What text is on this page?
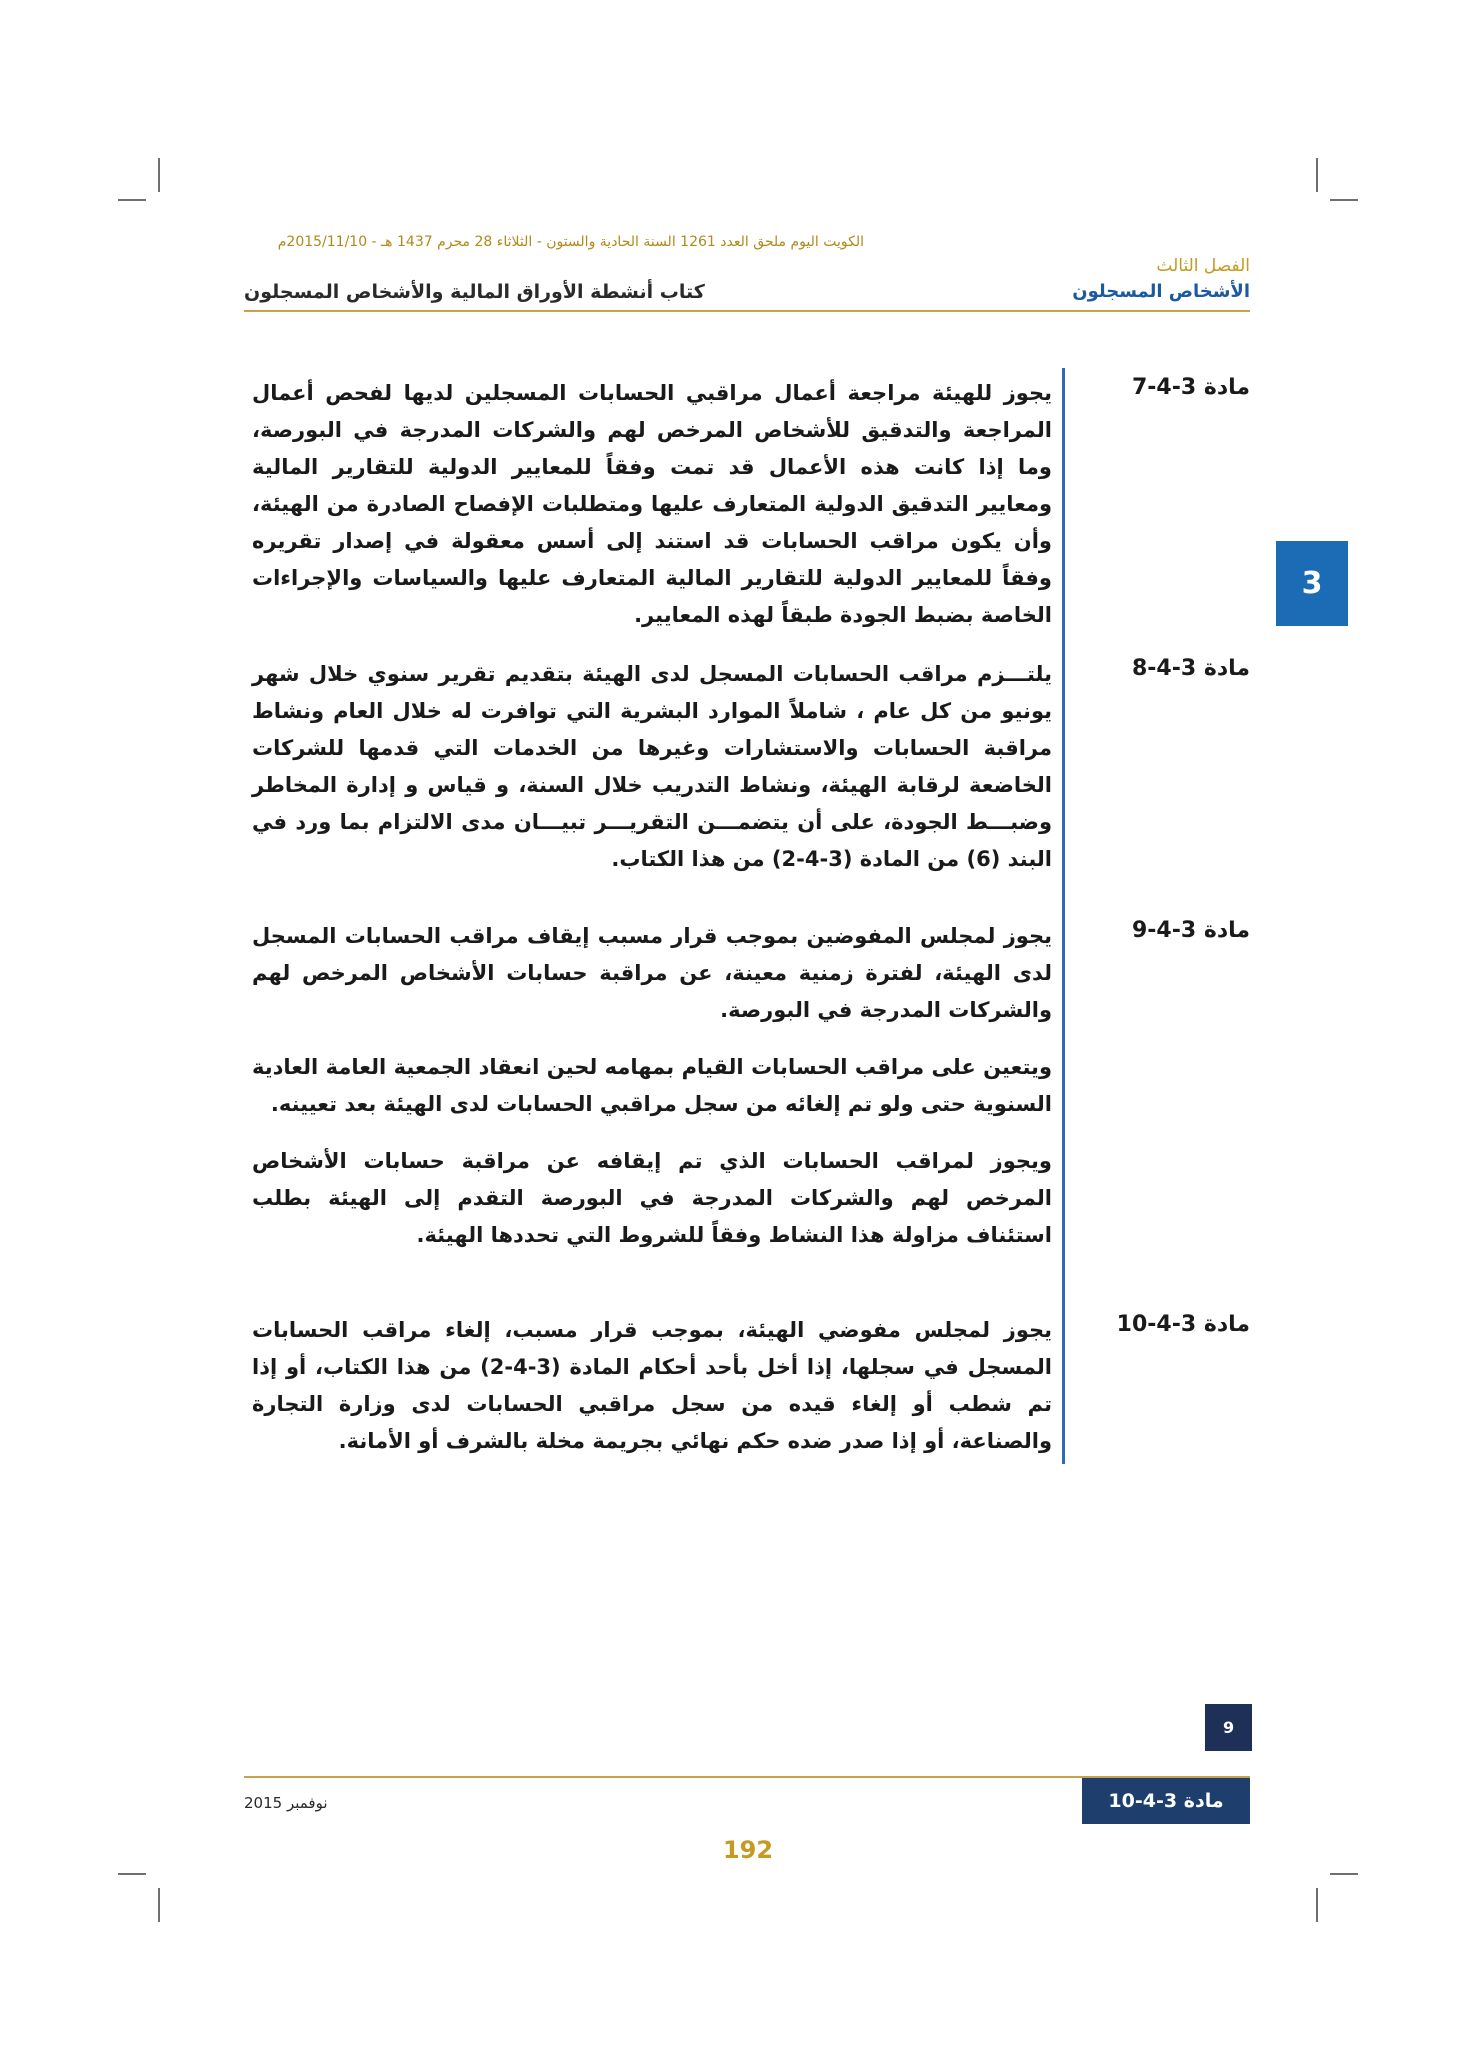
الكويت اليوم ملحق العدد 1261 السنة الحادية والستون - الثلاثاء 28 محرم 1437 هـ - 2015/11/10م
الفصل الثالث
الأشخاص المسجلون
كتاب أنشطة الأوراق المالية والأشخاص المسجلون
3
مادة 3-4-7

يجوز للهيئة مراجعة أعمال مراقبي الحسابات المسجلين لديها لفحص أعمال المراجعة والتدقيق للأشخاص المرخص لهم والشركات المدرجة في البورصة، وما إذا كانت هذه الأعمال قد تمت وفقاً للمعايير الدولية للتقارير المالية ومعايير التدقيق الدولية المتعارف عليها ومتطلبات الإفصاح الصادرة من الهيئة، وأن يكون مراقب الحسابات قد استند إلى أسس معقولة في إصدار تقريره وفقاً للمعايير الدولية للتقارير المالية المتعارف عليها والسياسات والإجراءات الخاصة بضبط الجودة طبقاً لهذه المعايير.

مادة 3-4-8

يلتـــزم مراقب الحسابات المسجل لدى الهيئة بتقديم تقرير سنوي خلال شهر يونيو من كل عام ، شاملاً الموارد البشرية التي توافرت له خلال العام ونشاط مراقبة الحسابات والاستشارات وغيرها من الخدمات التي قدمها للشركات الخاضعة لرقابة الهيئة، ونشاط التدريب خلال السنة، و قياس و إدارة المخاطر وضبـــط الجودة، على أن يتضمـــن التقريـــر تبيـــان مدى الالتزام بما ورد في البند (6) من المادة (3-4-2) من هذا الكتاب.

مادة 3-4-9

يجوز لمجلس المفوضين بموجب قرار مسبب إيقاف مراقب الحسابات المسجل لدى الهيئة، لفترة زمنية معينة، عن مراقبة حسابات الأشخاص المرخص لهم والشركات المدرجة في البورصة.

ويتعين على مراقب الحسابات القيام بمهامه لحين انعقاد الجمعية العامة العادية السنوية حتى ولو تم إلغائه من سجل مراقبي الحسابات لدى الهيئة بعد تعيينه.

ويجوز لمراقب الحسابات الذي تم إيقافه عن مراقبة حسابات الأشخاص المرخص لهم والشركات المدرجة في البورصة التقدم إلى الهيئة بطلب استئناف مزاولة هذا النشاط وفقاً للشروط التي تحددها الهيئة.

مادة 3-4-10

يجوز لمجلس مفوضي الهيئة، بموجب قرار مسبب، إلغاء مراقب الحسابات المسجل في سجلها، إذا أخل بأحد أحكام المادة (3-4-2) من هذا الكتاب، أو إذا تم شطب أو إلغاء قيده من سجل مراقبي الحسابات لدى وزارة التجارة والصناعة، أو إذا صدر ضده حكم نهائي بجريمة مخلة بالشرف أو الأمانة.

9
نوفمبر 2015	مادة 3-4-10
192
